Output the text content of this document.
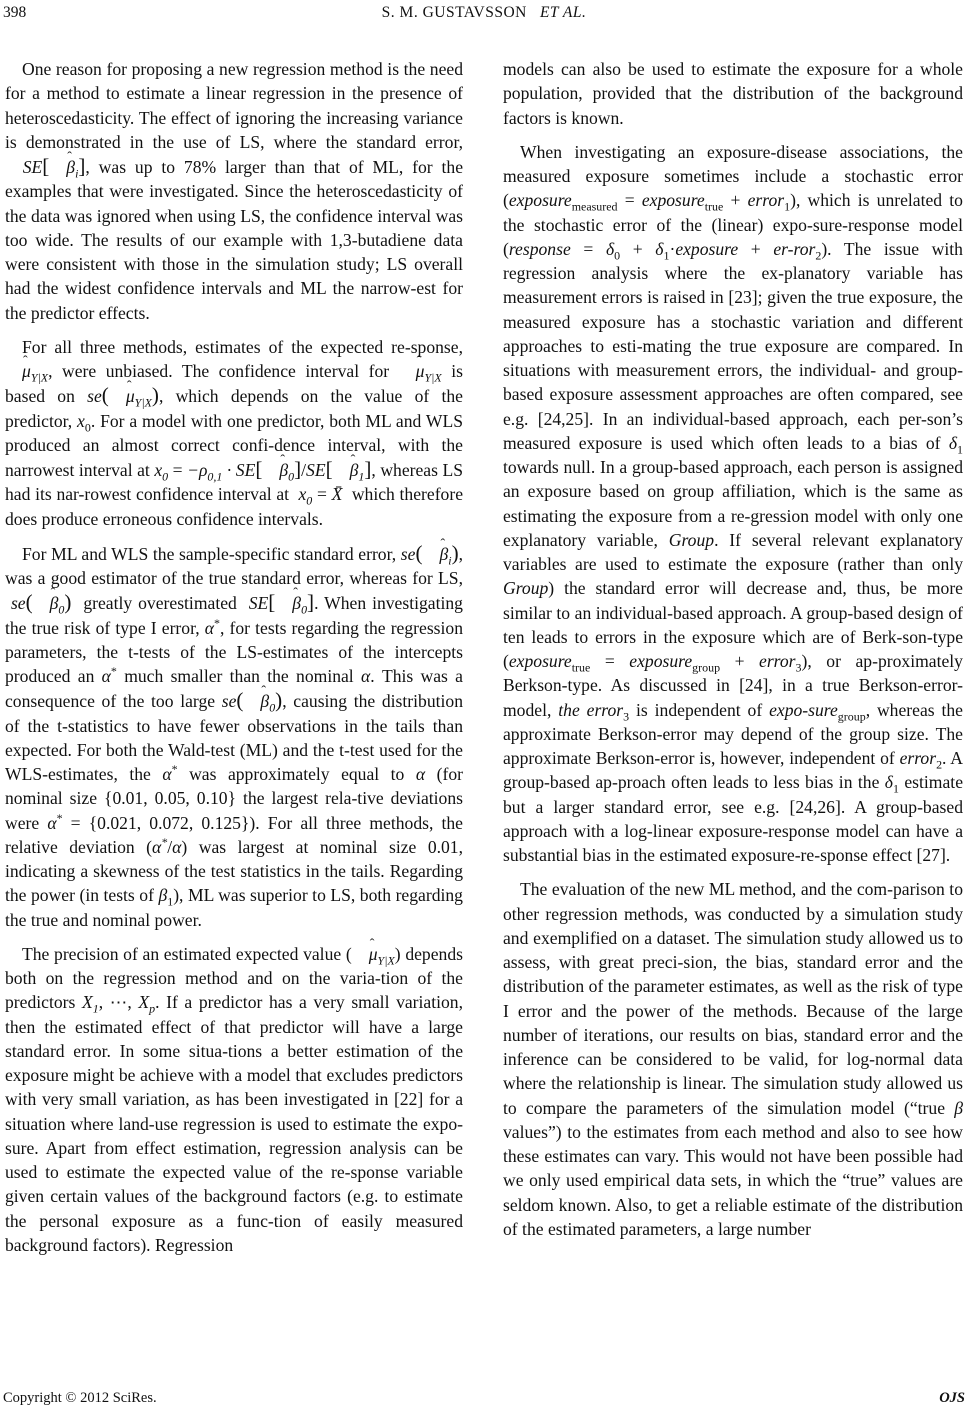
398	S. M. GUSTAVSSON ET AL.

One reason for proposing a new regression method is the need for a method to estimate a linear regression in the presence of heteroscedasticity. The effect of ignoring the increasing variance is demonstrated in the use of LS, where the standard error,   SE[ˆ $\beta_i$], was up to 78% larger than that of ML, for the examples that were investigated. Since the heteroscedasticity of the data was ignored when using LS, the confidence interval was too wide. The results of our example with 1,3-butadiene data were consistent with those in the simulation study; LS overall had the widest confidence intervals and ML the narrow-est for the predictor effects.

For all three methods, estimates of the expected re-sponse, ˆ $\mu_{Y|X}$, were unbiased. The confidence interval for ˆ $\mu_{Y|X}$ is based on se(ˆ $\mu_{Y|X}$), which depends on the value of the predictor, $x_0$. For a model with one predictor, both ML and WLS produced an almost correct confi-dence interval, with the narrowest interval at $x_0 = -\rho_{0,1}$ · SE[ˆ $\beta_0]/SE[ˆ$ $\beta_1$], whereas LS had its nar-rowest confidence interval at  $x_0$ = X̄  which therefore does produce erroneous confidence intervals.

For ML and WLS the sample-specific standard error, se(ˆ $\beta_i$), was a good estimator of the true standard error, whereas for LS,  se(ˆ $\beta_0$) greatly overestimated  SE[ˆ $\beta_0$]. When investigating the true risk of type I error, α*, for tests regarding the regression parameters, the t-tests of the LS-estimates of the intercepts produced an α* much smaller than the nominal α. This was a consequence of the too large se(ˆ $\beta_0$), causing the distribution of the t-statistics to have fewer observations in the tails than expected. For both the Wald-test (ML) and the t-test used for the WLS-estimates, the α* was approximately equal to α (for nominal size {0.01, 0.05, 0.10} the largest rela-tive deviations were α* = {0.021, 0.072, 0.125}). For all three methods, the relative deviation (α*/α) was largest at nominal size 0.01, indicating a skewness of the test statistics in the tails. Regarding the power (in tests of $\beta_1$), ML was superior to LS, both regarding the true and nominal power.

The precision of an estimated expected value (ˆ $\mu_{Y|X}$) depends both on the regression method and on the varia-tion of the predictors $X_1$, ⋯, $X_p$. If a predictor has a very small variation, then the estimated effect of that predictor will have a large standard error. In some situa-tions a better estimation of the exposure might be achieve with a model that excludes predictors with very small variation, as has been investigated in [22] for a situation where land-use regression is used to estimate the expo-sure. Apart from effect estimation, regression analysis can be used to estimate the expected value of the re-sponse variable given certain values of the background factors (e.g. to estimate the personal exposure as a func-tion of easily measured background factors). Regression

models can also be used to estimate the exposure for a whole population, provided that the distribution of the background factors is known.

When investigating an exposure-disease associations, the measured exposure sometimes include a stochastic error (exposure$_{measured}$ = exposure$_{true}$ + error$_1$), which is unrelated to the stochastic error of the (linear) expo-sure-response model (response = $\delta_0$ + $\delta_1\cdot exposure + er-ror_2$). The issue with regression analysis where the ex-planatory variable has measurement errors is raised in [23]; given the true exposure, the measured exposure has a stochastic variation and different approaches to esti-mating the true exposure are compared. In situations with measurement errors, the individual- and group-based exposure assessment approaches are often compared, see e.g. [24,25]. In an individual-based approach, each per-son’s measured exposure is used which often leads to a bias of $\delta_1$ towards null. In a group-based approach, each person is assigned an exposure based on group affiliation, which is the same as estimating the exposure from a re-gression model with only one explanatory variable, Group. If several relevant explanatory variables are used to estimate the exposure (rather than only Group) the standard error will decrease and, thus, be more similar to an individual-based approach. A group-based design of ten leads to errors in the exposure which are of Berk-son-type (exposure$_{true}$ = exposure$_{group}$ + error$_3$), or ap-proximately Berkson-type. As discussed in [24], in a true Berkson-error-model, the error$_3$ is independent of expo-sure$_{group}$, whereas the approximate Berkson-error may depend of the group size. The approximate Berkson-error is, however, independent of error$_2$. A group-based ap-proach often leads to less bias in the $\delta_1$ estimate but a larger standard error, see e.g. [24,26]. A group-based approach with a log-linear exposure-response model can have a substantial bias in the estimated exposure-re-sponse effect [27].

The evaluation of the new ML method, and the com-parison to other regression methods, was conducted by a simulation study and exemplified on a dataset. The simulation study allowed us to assess, with great preci-sion, the bias, standard error and the distribution of the parameter estimates, as well as the risk of type I error and the power of the methods. Because of the large number of iterations, our results on bias, standard error and the inference can be considered to be valid, for log-normal data where the relationship is linear. The simulation study allowed us to compare the parameters of the simulation model (“true β values”) to the estimates from each method and also to see how these estimates can vary. This would not have been possible had we only used empirical data sets, in which the “true” values are seldom known. Also, to get a reliable estimate of the distribution of the estimated parameters, a large number

Copyright © 2012 SciRes.	OJS
